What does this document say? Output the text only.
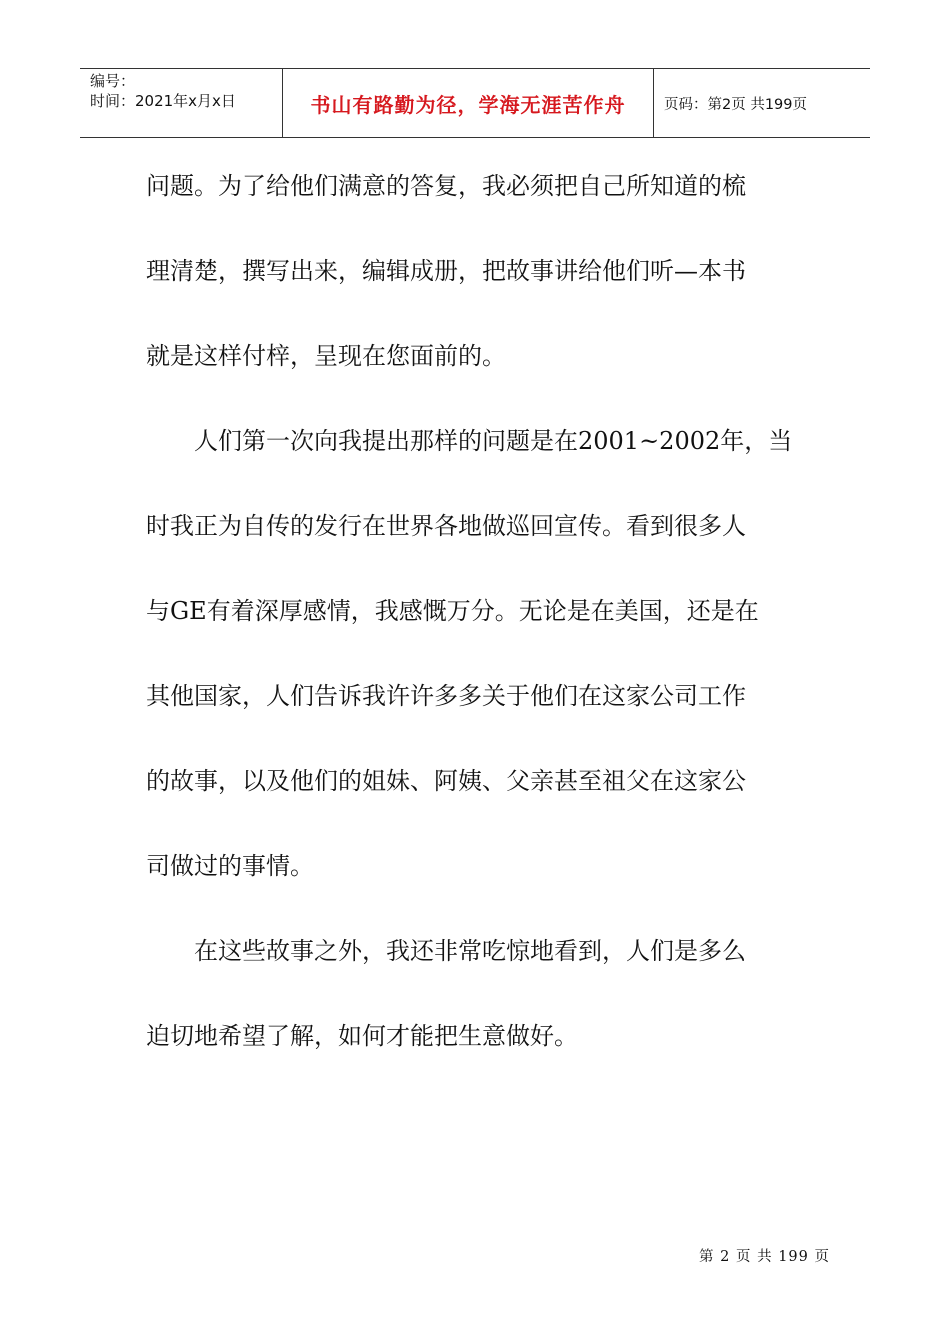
编号：
时间：2021年x月x日	书山有路勤为径，学海无涯苦作舟	页码：第2页 共199页

问题。为了给他们满意的答复，我必须把自己所知道的梳
理清楚，撰写出来，编辑成册，把故事讲给他们听—本书
就是这样付梓，呈现在您面前的。

人们第一次向我提出那样的问题是在2001~2002年，当
时我正为自传的发行在世界各地做巡回宣传。看到很多人
与GE有着深厚感情，我感慨万分。无论是在美国，还是在
其他国家，人们告诉我许许多多关于他们在这家公司工作
的故事，以及他们的姐妹、阿姨、父亲甚至祖父在这家公
司做过的事情。

在这些故事之外，我还非常吃惊地看到，人们是多么
迫切地希望了解，如何才能把生意做好。

第 2 页 共 199 页
